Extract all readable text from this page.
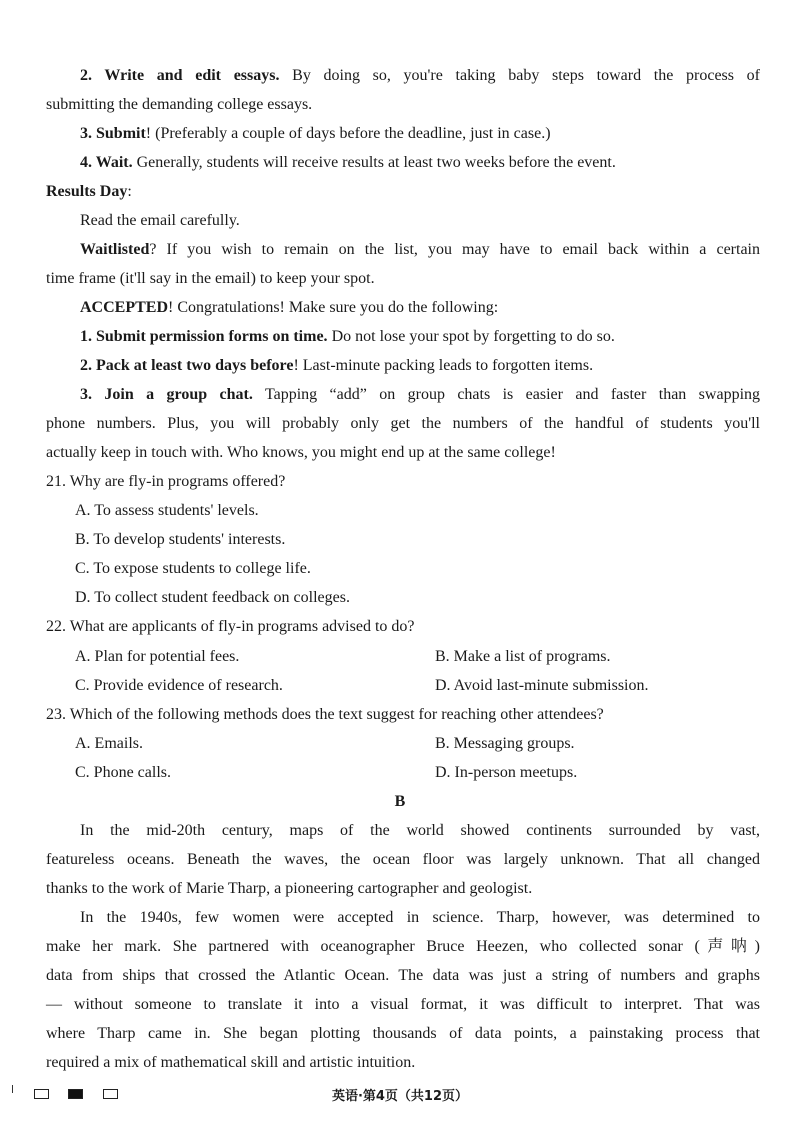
2. Write and edit essays. By doing so, you're taking baby steps toward the process of
submitting the demanding college essays.
3. Submit! (Preferably a couple of days before the deadline, just in case.)
4. Wait. Generally, students will receive results at least two weeks before the event.
Results Day:
Read the email carefully.
Waitlisted? If you wish to remain on the list, you may have to email back within a certain
time frame (it'll say in the email) to keep your spot.
ACCEPTED! Congratulations! Make sure you do the following:
1. Submit permission forms on time. Do not lose your spot by forgetting to do so.
2. Pack at least two days before! Last-minute packing leads to forgotten items.
3. Join a group chat. Tapping “add” on group chats is easier and faster than swapping
phone numbers. Plus, you will probably only get the numbers of the handful of students you'll
actually keep in touch with. Who knows, you might end up at the same college!
21. Why are fly-in programs offered?
A. To assess students' levels.
B. To develop students' interests.
C. To expose students to college life.
D. To collect student feedback on colleges.
22. What are applicants of fly-in programs advised to do?
A. Plan for potential fees.	B. Make a list of programs.
C. Provide evidence of research.	D. Avoid last-minute submission.
23. Which of the following methods does the text suggest for reaching other attendees?
A. Emails.	B. Messaging groups.
C. Phone calls.	D. In-person meetups.
B
In the mid-20th century, maps of the world showed continents surrounded by vast,
featureless oceans. Beneath the waves, the ocean floor was largely unknown. That all changed
thanks to the work of Marie Tharp, a pioneering cartographer and geologist.
In the 1940s, few women were accepted in science. Tharp, however, was determined to
make her mark. She partnered with oceanographer Bruce Heezen, who collected sonar (声呐)
data from ships that crossed the Atlantic Ocean. The data was just a string of numbers and graphs
— without someone to translate it into a visual format, it was difficult to interpret. That was
where Tharp came in. She began plotting thousands of data points, a painstaking process that
required a mix of mathematical skill and artistic intuition.
英语·第4页（共12页）
